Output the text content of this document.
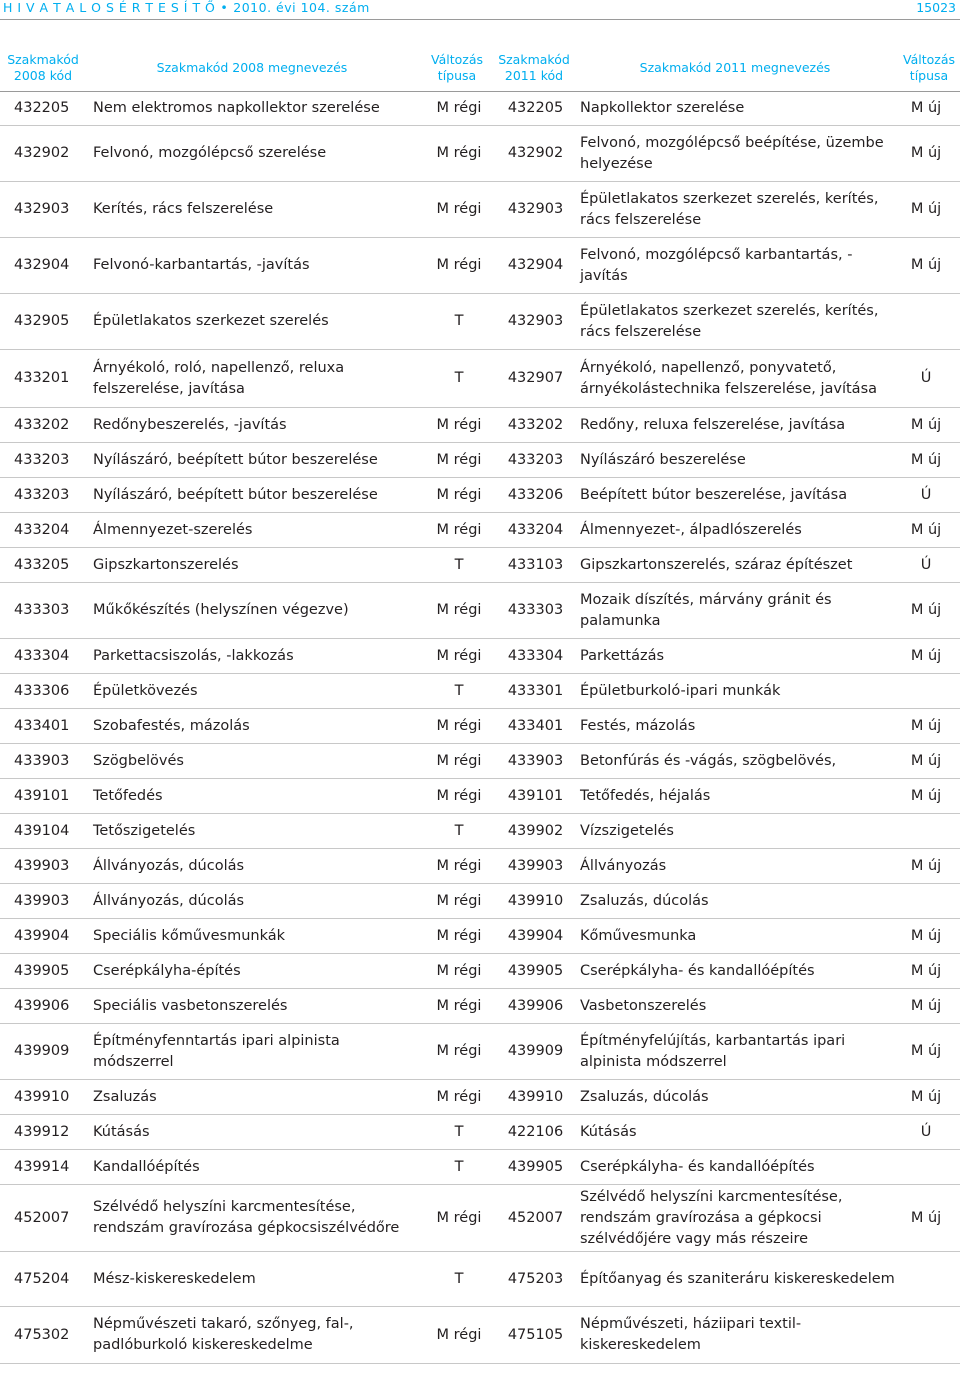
H I V A T A L O S É R T E S Í T Ő • 2010. évi 104. szám	15023
Szakmakód 2008 kód	Szakmakód 2008 megnevezés	Változás típusa	Szakmakód 2011 kód	Szakmakód 2011 megnevezés	Változás típusa
432205	Nem elektromos napkollektor szerelése	M régi	432205	Napkollektor szerelése	M új
432902	Felvonó, mozgólépcső szerelése	M régi	432902	Felvonó, mozgólépcső beépítése, üzembe helyezése	M új
432903	Kerítés, rács felszerelése	M régi	432903	Épületlakatos szerkezet szerelés, kerítés, rács felszerelése	M új
432904	Felvonó-karbantartás, -javítás	M régi	432904	Felvonó, mozgólépcső karbantartás, -javítás	M új
432905	Épületlakatos szerkezet szerelés	T	432903	Épületlakatos szerkezet szerelés, kerítés, rács felszerelése	
433201	Árnyékoló, roló, napellenző, reluxa felszerelése, javítása	T	432907	Árnyékoló, napellenző, ponyvatető, árnyékolástechnika felszerelése, javítása	Ú
433202	Redőnybeszerelés, -javítás	M régi	433202	Redőny, reluxa felszerelése, javítása	M új
433203	Nyílászáró, beépített bútor beszerelése	M régi	433203	Nyílászáró beszerelése	M új
433203	Nyílászáró, beépített bútor beszerelése	M régi	433206	Beépített bútor beszerelése, javítása	Ú
433204	Álmennyezet-szerelés	M régi	433204	Álmennyezet-, álpadlószerelés	M új
433205	Gipszkartonszerelés	T	433103	Gipszkartonszerelés, száraz építészet	Ú
433303	Műkőkészítés (helyszínen végezve)	M régi	433303	Mozaik díszítés, márvány gránit és palamunka	M új
433304	Parkettacsiszolás, -lakkozás	M régi	433304	Parkettázás	M új
433306	Épületkövezés	T	433301	Épületburkoló-ipari munkák	
433401	Szobafestés, mázolás	M régi	433401	Festés, mázolás	M új
433903	Szögbelövés	M régi	433903	Betonfúrás és -vágás, szögbelövés,	M új
439101	Tetőfedés	M régi	439101	Tetőfedés, héjalás	M új
439104	Tetőszigetelés	T	439902	Vízszigetelés	
439903	Állványozás, dúcolás	M régi	439903	Állványozás	M új
439903	Állványozás, dúcolás	M régi	439910	Zsaluzás, dúcolás	
439904	Speciális kőművesmunkák	M régi	439904	Kőművesmunka	M új
439905	Cserépkályha-építés	M régi	439905	Cserépkályha- és kandallóépítés	M új
439906	Speciális vasbetonszerelés	M régi	439906	Vasbetonszerelés	M új
439909	Építményfenntartás ipari alpinista módszerrel	M régi	439909	Építményfelújítás, karbantartás ipari alpinista módszerrel	M új
439910	Zsaluzás	M régi	439910	Zsaluzás, dúcolás	M új
439912	Kútásás	T	422106	Kútásás	Ú
439914	Kandallóépítés	T	439905	Cserépkályha- és kandallóépítés	
452007	Szélvédő helyszíni karcmentesítése, rendszám gravírozása gépkocsiszélvédőre	M régi	452007	Szélvédő helyszíni karcmentesítése, rendszám gravírozása a gépkocsi szélvédőjére vagy más részeire	M új
475204	Mész-kiskereskedelem	T	475203	Építőanyag és szaniteráru kiskereskedelem	
475302	Népművészeti takaró, szőnyeg, fal-, padlóburkoló kiskereskedelme	M régi	475105	Népművészeti, háziipari textil-kiskereskedelem	
